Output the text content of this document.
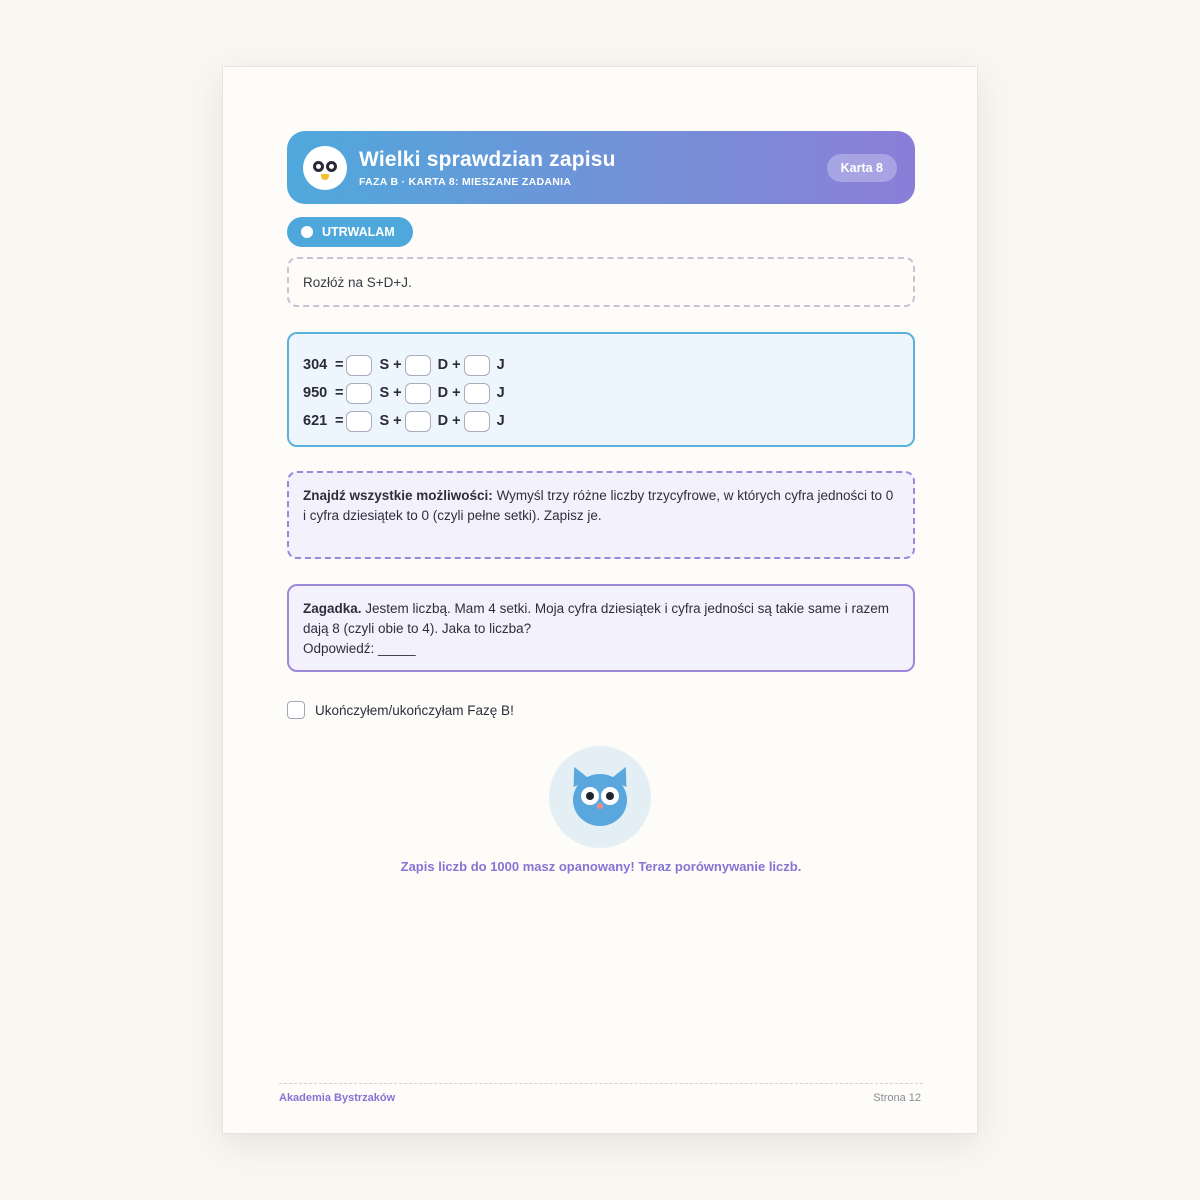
Wielki sprawdzian zapisu
FAZA B · KARTA 8: MIESZANE ZADANIA
Karta 8
UTRWALAM
Rozłóż na S+D+J.
304 = S + D + J
950 = S + D + J
621 = S + D + J
Znajdź wszystkie możliwości: Wymyśl trzy różne liczby trzycyfrowe, w których cyfra jedności to 0 i cyfra dziesiątek to 0 (czyli pełne setki). Zapisz je.
Zagadka. Jestem liczbą. Mam 4 setki. Moja cyfra dziesiątek i cyfra jedności są takie same i razem dają 8 (czyli obie to 4). Jaka to liczba?
Odpowiedź: _____
Ukończyłem/ukończyłam Fazę B!
Zapis liczb do 1000 masz opanowany! Teraz porównywanie liczb.
Akademia Bystrzaków	Strona 12
